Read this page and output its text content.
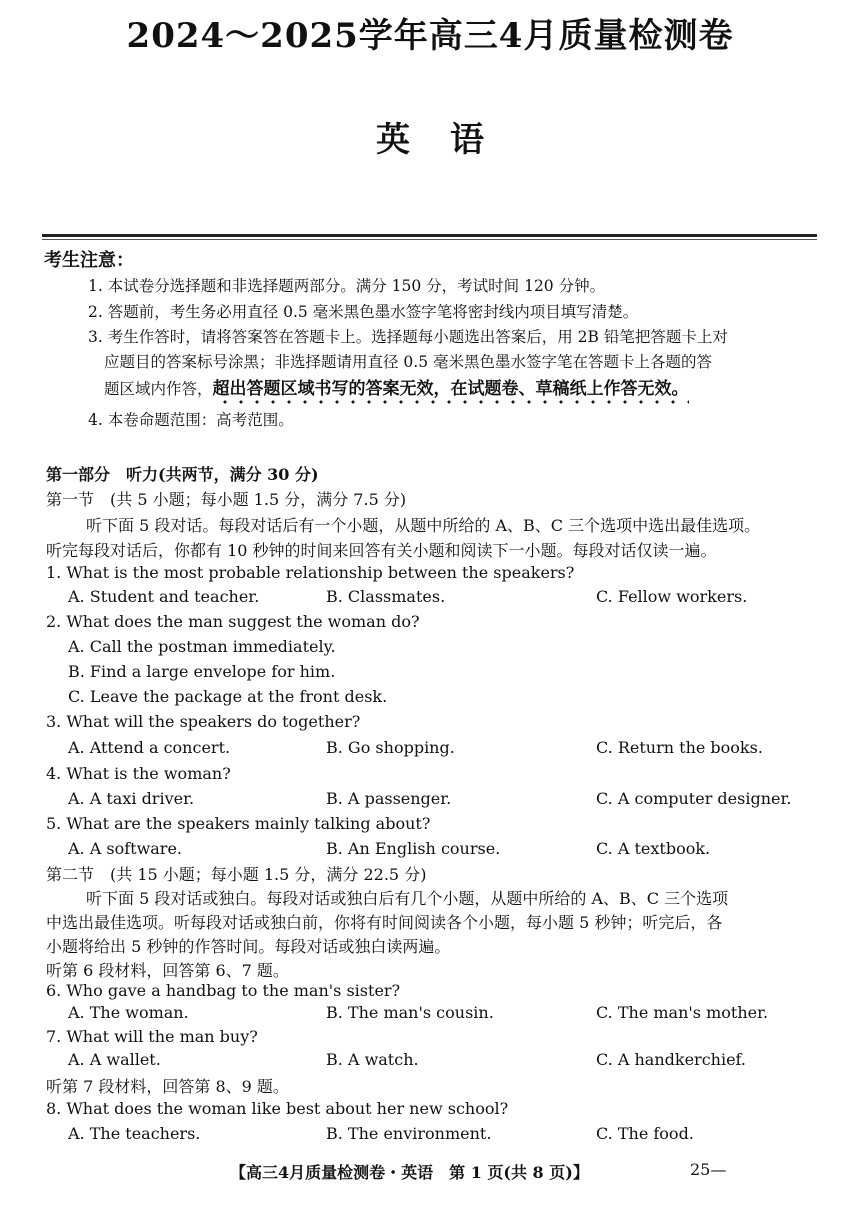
2024～2025学年高三4月质量检测卷
英语
考生注意：
1. 本试卷分选择题和非选择题两部分。满分 150 分，考试时间 120 分钟。
2. 答题前，考生务必用直径 0.5 毫米黑色墨水签字笔将密封线内项目填写清楚。
3. 考生作答时，请将答案答在答题卡上。选择题每小题选出答案后，用 2B 铅笔把答题卡上对
应题目的答案标号涂黑；非选择题请用直径 0.5 毫米黑色墨水签字笔在答题卡上各题的答
题区域内作答，超出答题区域书写的答案无效，在试题卷、草稿纸上作答无效。
4. 本卷命题范围：高考范围。
第一部分　听力(共两节，满分 30 分)
第一节　(共 5 小题；每小题 1.5 分，满分 7.5 分)
听下面 5 段对话。每段对话后有一个小题，从题中所给的 A、B、C 三个选项中选出最佳选项。
听完每段对话后，你都有 10 秒钟的时间来回答有关小题和阅读下一小题。每段对话仅读一遍。
1. What is the most probable relationship between the speakers?
A. Student and teacher.	B. Classmates.	C. Fellow workers.
2. What does the man suggest the woman do?
A. Call the postman immediately.
B. Find a large envelope for him.
C. Leave the package at the front desk.
3. What will the speakers do together?
A. Attend a concert.	B. Go shopping.	C. Return the books.
4. What is the woman?
A. A taxi driver.	B. A passenger.	C. A computer designer.
5. What are the speakers mainly talking about?
A. A software.	B. An English course.	C. A textbook.
第二节　(共 15 小题；每小题 1.5 分，满分 22.5 分)
听下面 5 段对话或独白。每段对话或独白后有几个小题，从题中所给的 A、B、C 三个选项
中选出最佳选项。听每段对话或独白前，你将有时间阅读各个小题，每小题 5 秒钟；听完后，各
小题将给出 5 秒钟的作答时间。每段对话或独白读两遍。
听第 6 段材料，回答第 6、7 题。
6. Who gave a handbag to the man's sister?
A. The woman.	B. The man's cousin.	C. The man's mother.
7. What will the man buy?
A. A wallet.	B. A watch.	C. A handkerchief.
听第 7 段材料，回答第 8、9 题。
8. What does the woman like best about her new school?
A. The teachers.	B. The environment.	C. The food.
【高三4月质量检测卷・英语　第 1 页(共 8 页)】	25—
